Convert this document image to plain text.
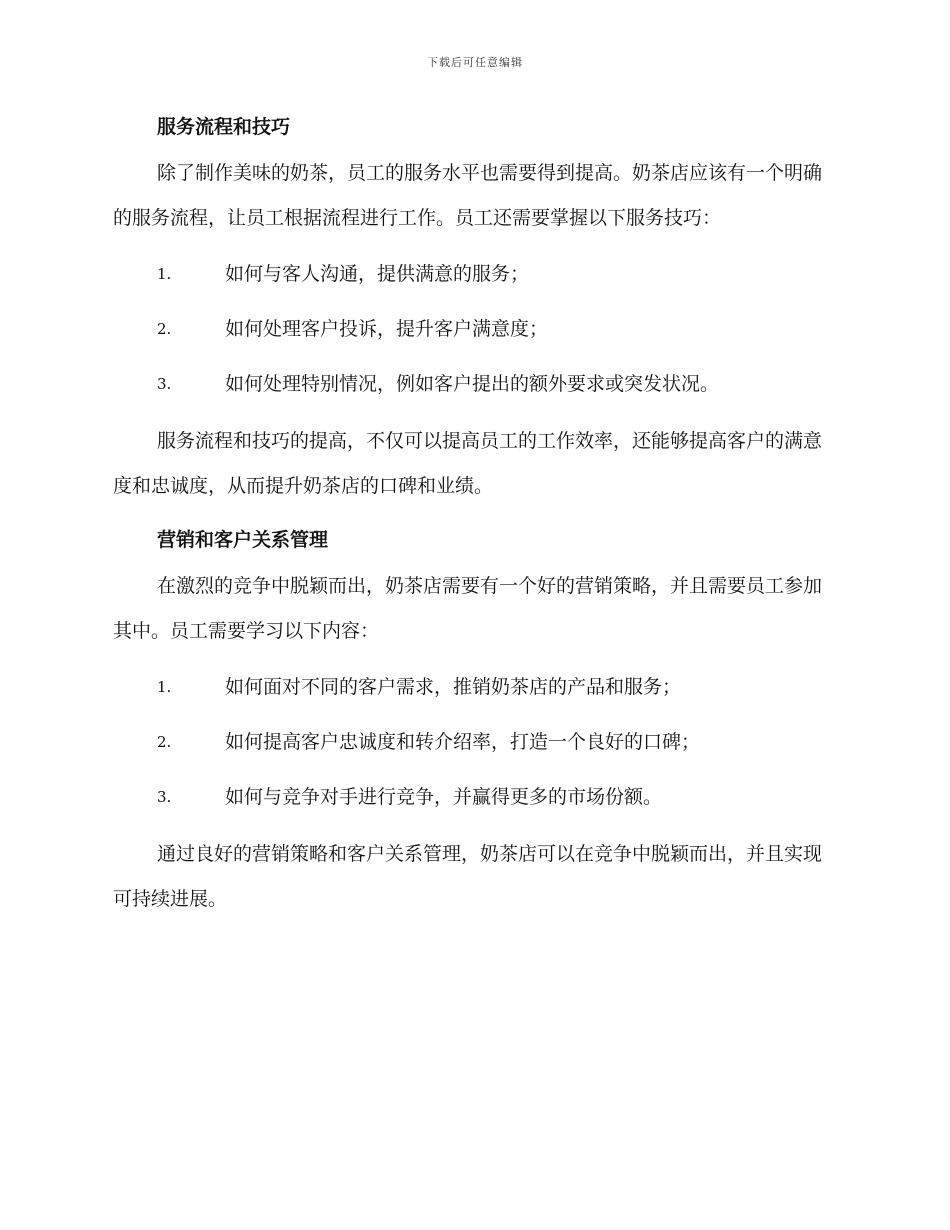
下载后可任意编辑
服务流程和技巧

除了制作美味的奶茶，员工的服务水平也需要得到提高。奶茶店应该有一个明确的服务流程，让员工根据流程进行工作。员工还需要掌握以下服务技巧：

1.	如何与客人沟通，提供满意的服务；
2.	如何处理客户投诉，提升客户满意度；
3.	如何处理特别情况，例如客户提出的额外要求或突发状况。

服务流程和技巧的提高，不仅可以提高员工的工作效率，还能够提高客户的满意度和忠诚度，从而提升奶茶店的口碑和业绩。

营销和客户关系管理

在激烈的竞争中脱颖而出，奶茶店需要有一个好的营销策略，并且需要员工参加其中。员工需要学习以下内容：

1.	如何面对不同的客户需求，推销奶茶店的产品和服务；
2.	如何提高客户忠诚度和转介绍率，打造一个良好的口碑；
3.	如何与竞争对手进行竞争，并赢得更多的市场份额。

通过良好的营销策略和客户关系管理，奶茶店可以在竞争中脱颖而出，并且实现可持续进展。
